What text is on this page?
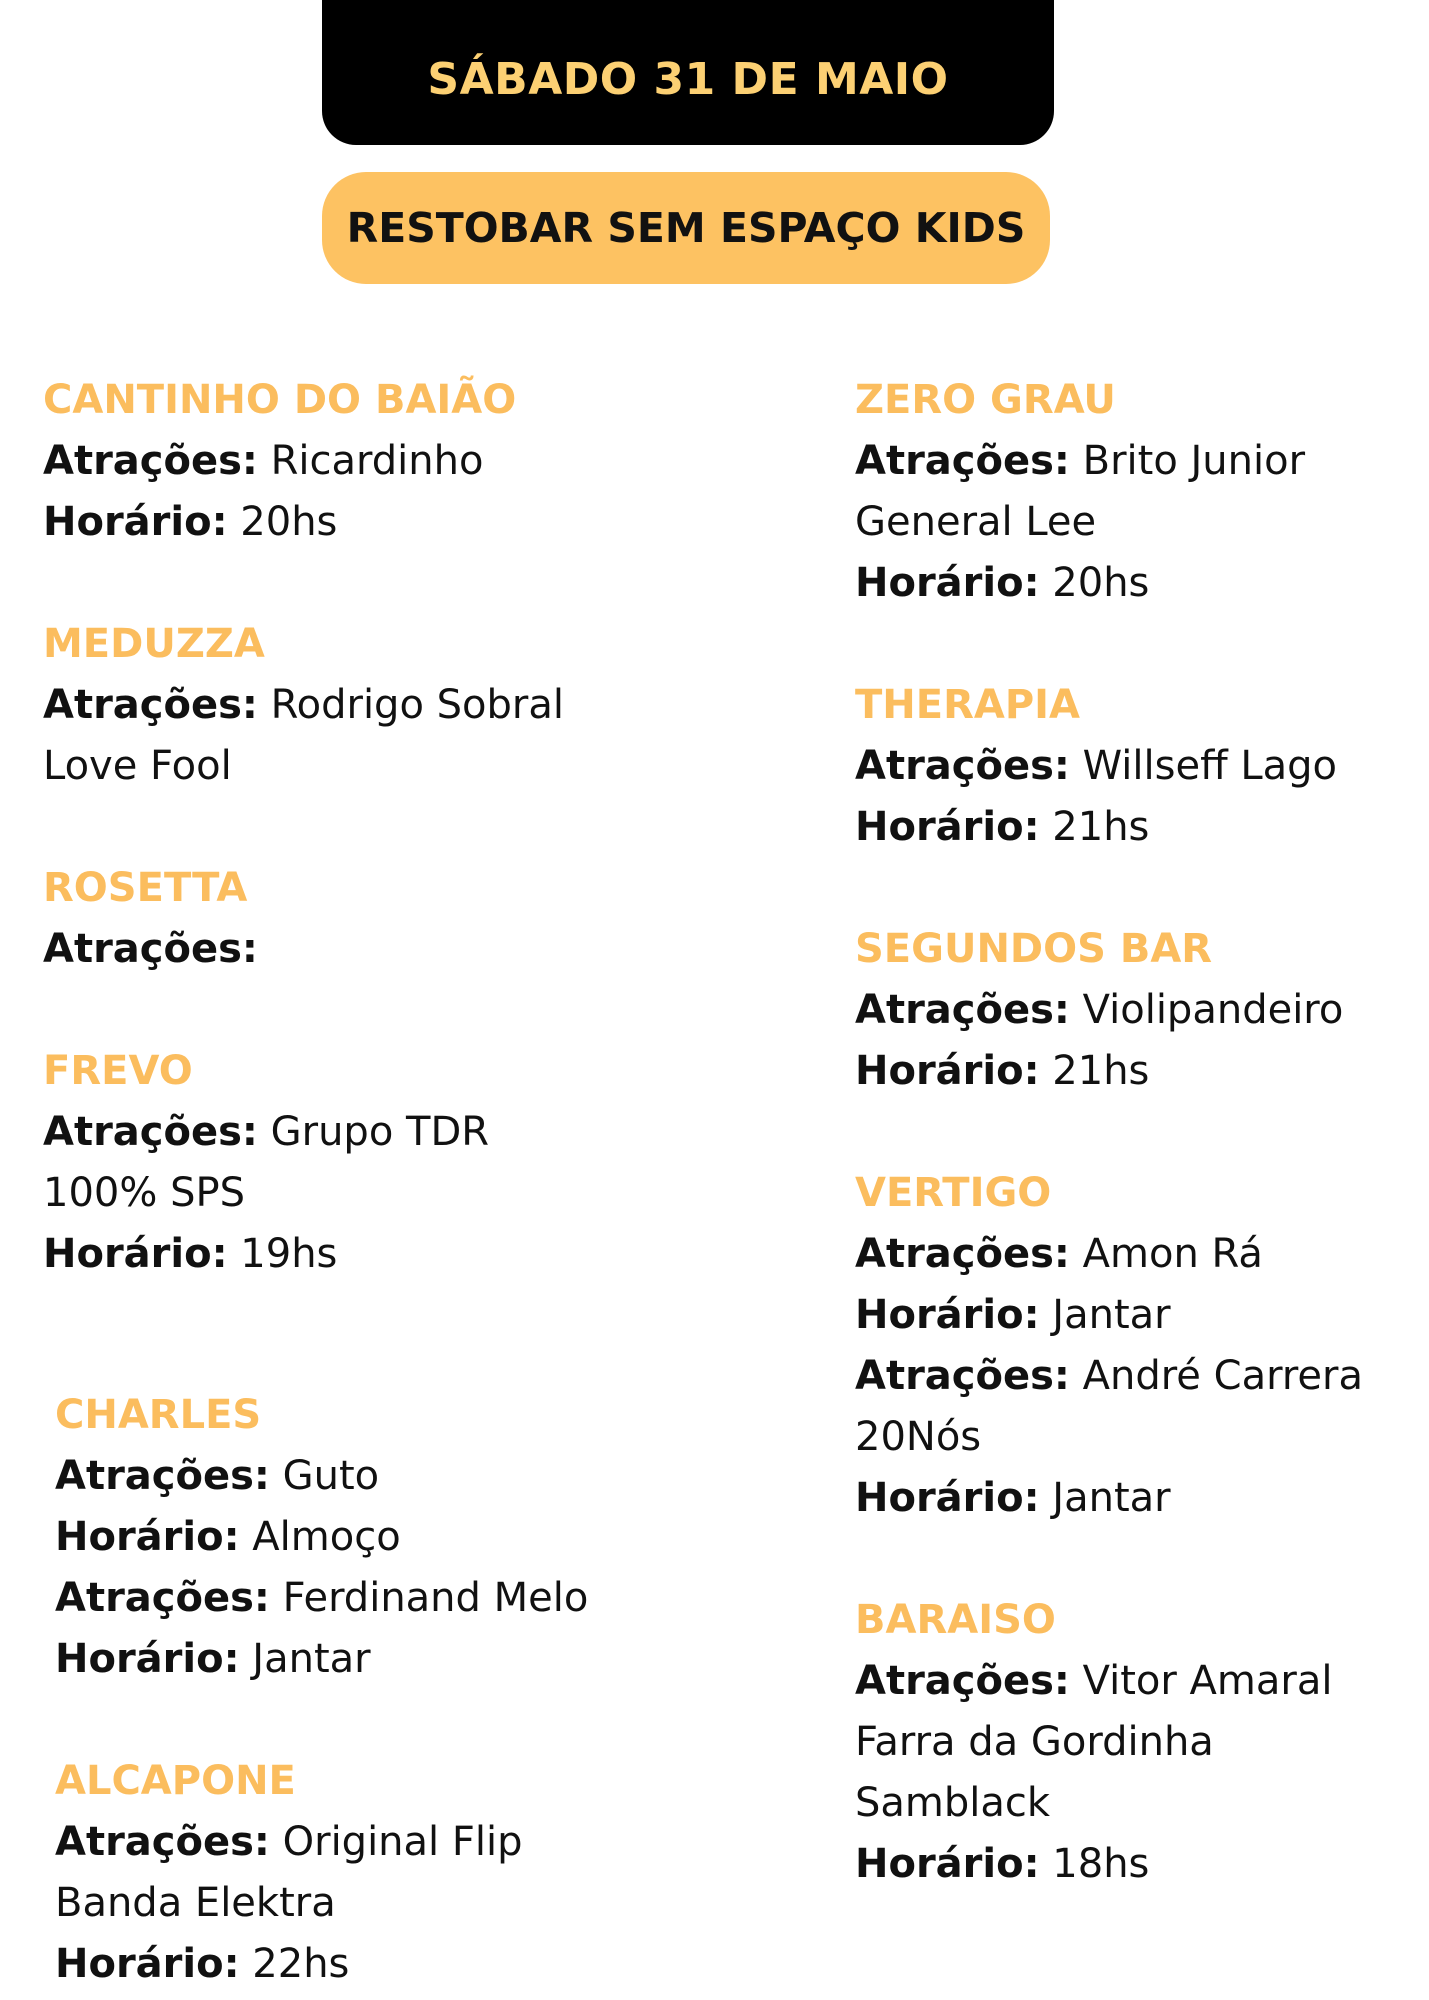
SÁBADO 31 DE MAIO
RESTOBAR SEM ESPAÇO KIDS
CANTINHO DO BAIÃO
Atrações: Ricardinho
Horário: 20hs
MEDUZZA
Atrações: Rodrigo Sobral
Love Fool
ROSETTA
Atrações:
FREVO
Atrações: Grupo TDR
100% SPS
Horário: 19hs
CHARLES
Atrações: Guto
Horário: Almoço
Atrações: Ferdinand Melo
Horário: Jantar
ALCAPONE
Atrações: Original Flip
Banda Elektra
Horário: 22hs
ZERO GRAU
Atrações: Brito Junior
General Lee
Horário: 20hs
THERAPIA
Atrações: Willseff Lago
Horário: 21hs
SEGUNDOS BAR
Atrações: Violipandeiro
Horário: 21hs
VERTIGO
Atrações: Amon Rá
Horário: Jantar
Atrações: André Carrera
20Nós
Horário: Jantar
BARAISO
Atrações: Vitor Amaral
Farra da Gordinha
Samblack
Horário: 18hs
